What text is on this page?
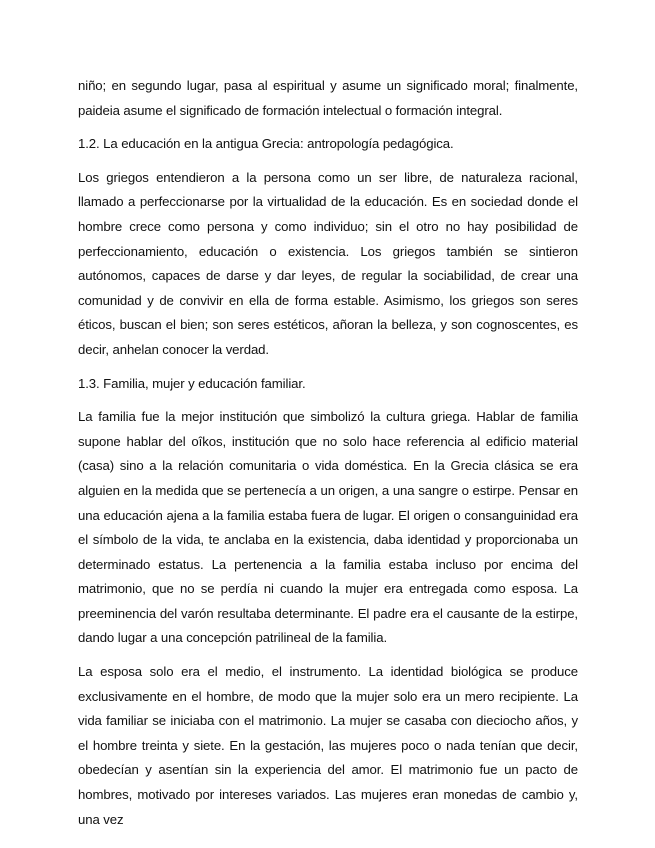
niño; en segundo lugar, pasa al espiritual y asume un significado moral; finalmente, paideia asume el significado de formación intelectual o formación integral.

1.2. La educación en la antigua Grecia: antropología pedagógica.

Los griegos entendieron a la persona como un ser libre, de naturaleza racional, llamado a perfeccionarse por la virtualidad de la educación. Es en sociedad donde el hombre crece como persona y como individuo; sin el otro no hay posibilidad de perfeccionamiento, educación o existencia. Los griegos también se sintieron autónomos, capaces de darse y dar leyes, de regular la sociabilidad, de crear una comunidad y de convivir en ella de forma estable. Asimismo, los griegos son seres éticos, buscan el bien; son seres estéticos, añoran la belleza, y son cognoscentes, es decir, anhelan conocer la verdad.

1.3. Familia, mujer y educación familiar.

La familia fue la mejor institución que simbolizó la cultura griega. Hablar de familia supone hablar del oîkos, institución que no solo hace referencia al edificio material (casa) sino a la relación comunitaria o vida doméstica. En la Grecia clásica se era alguien en la medida que se pertenecía a un origen, a una sangre o estirpe. Pensar en una educación ajena a la familia estaba fuera de lugar. El origen o consanguinidad era el símbolo de la vida, te anclaba en la existencia, daba identidad y proporcionaba un determinado estatus. La pertenencia a la familia estaba incluso por encima del matrimonio, que no se perdía ni cuando la mujer era entregada como esposa. La preeminencia del varón resultaba determinante. El padre era el causante de la estirpe, dando lugar a una concepción patrilineal de la familia.

La esposa solo era el medio, el instrumento. La identidad biológica se produce exclusivamente en el hombre, de modo que la mujer solo era un mero recipiente. La vida familiar se iniciaba con el matrimonio. La mujer se casaba con dieciocho años, y el hombre treinta y siete. En la gestación, las mujeres poco o nada tenían que decir, obedecían y asentían sin la experiencia del amor. El matrimonio fue un pacto de hombres, motivado por intereses variados. Las mujeres eran monedas de cambio y, una vez
